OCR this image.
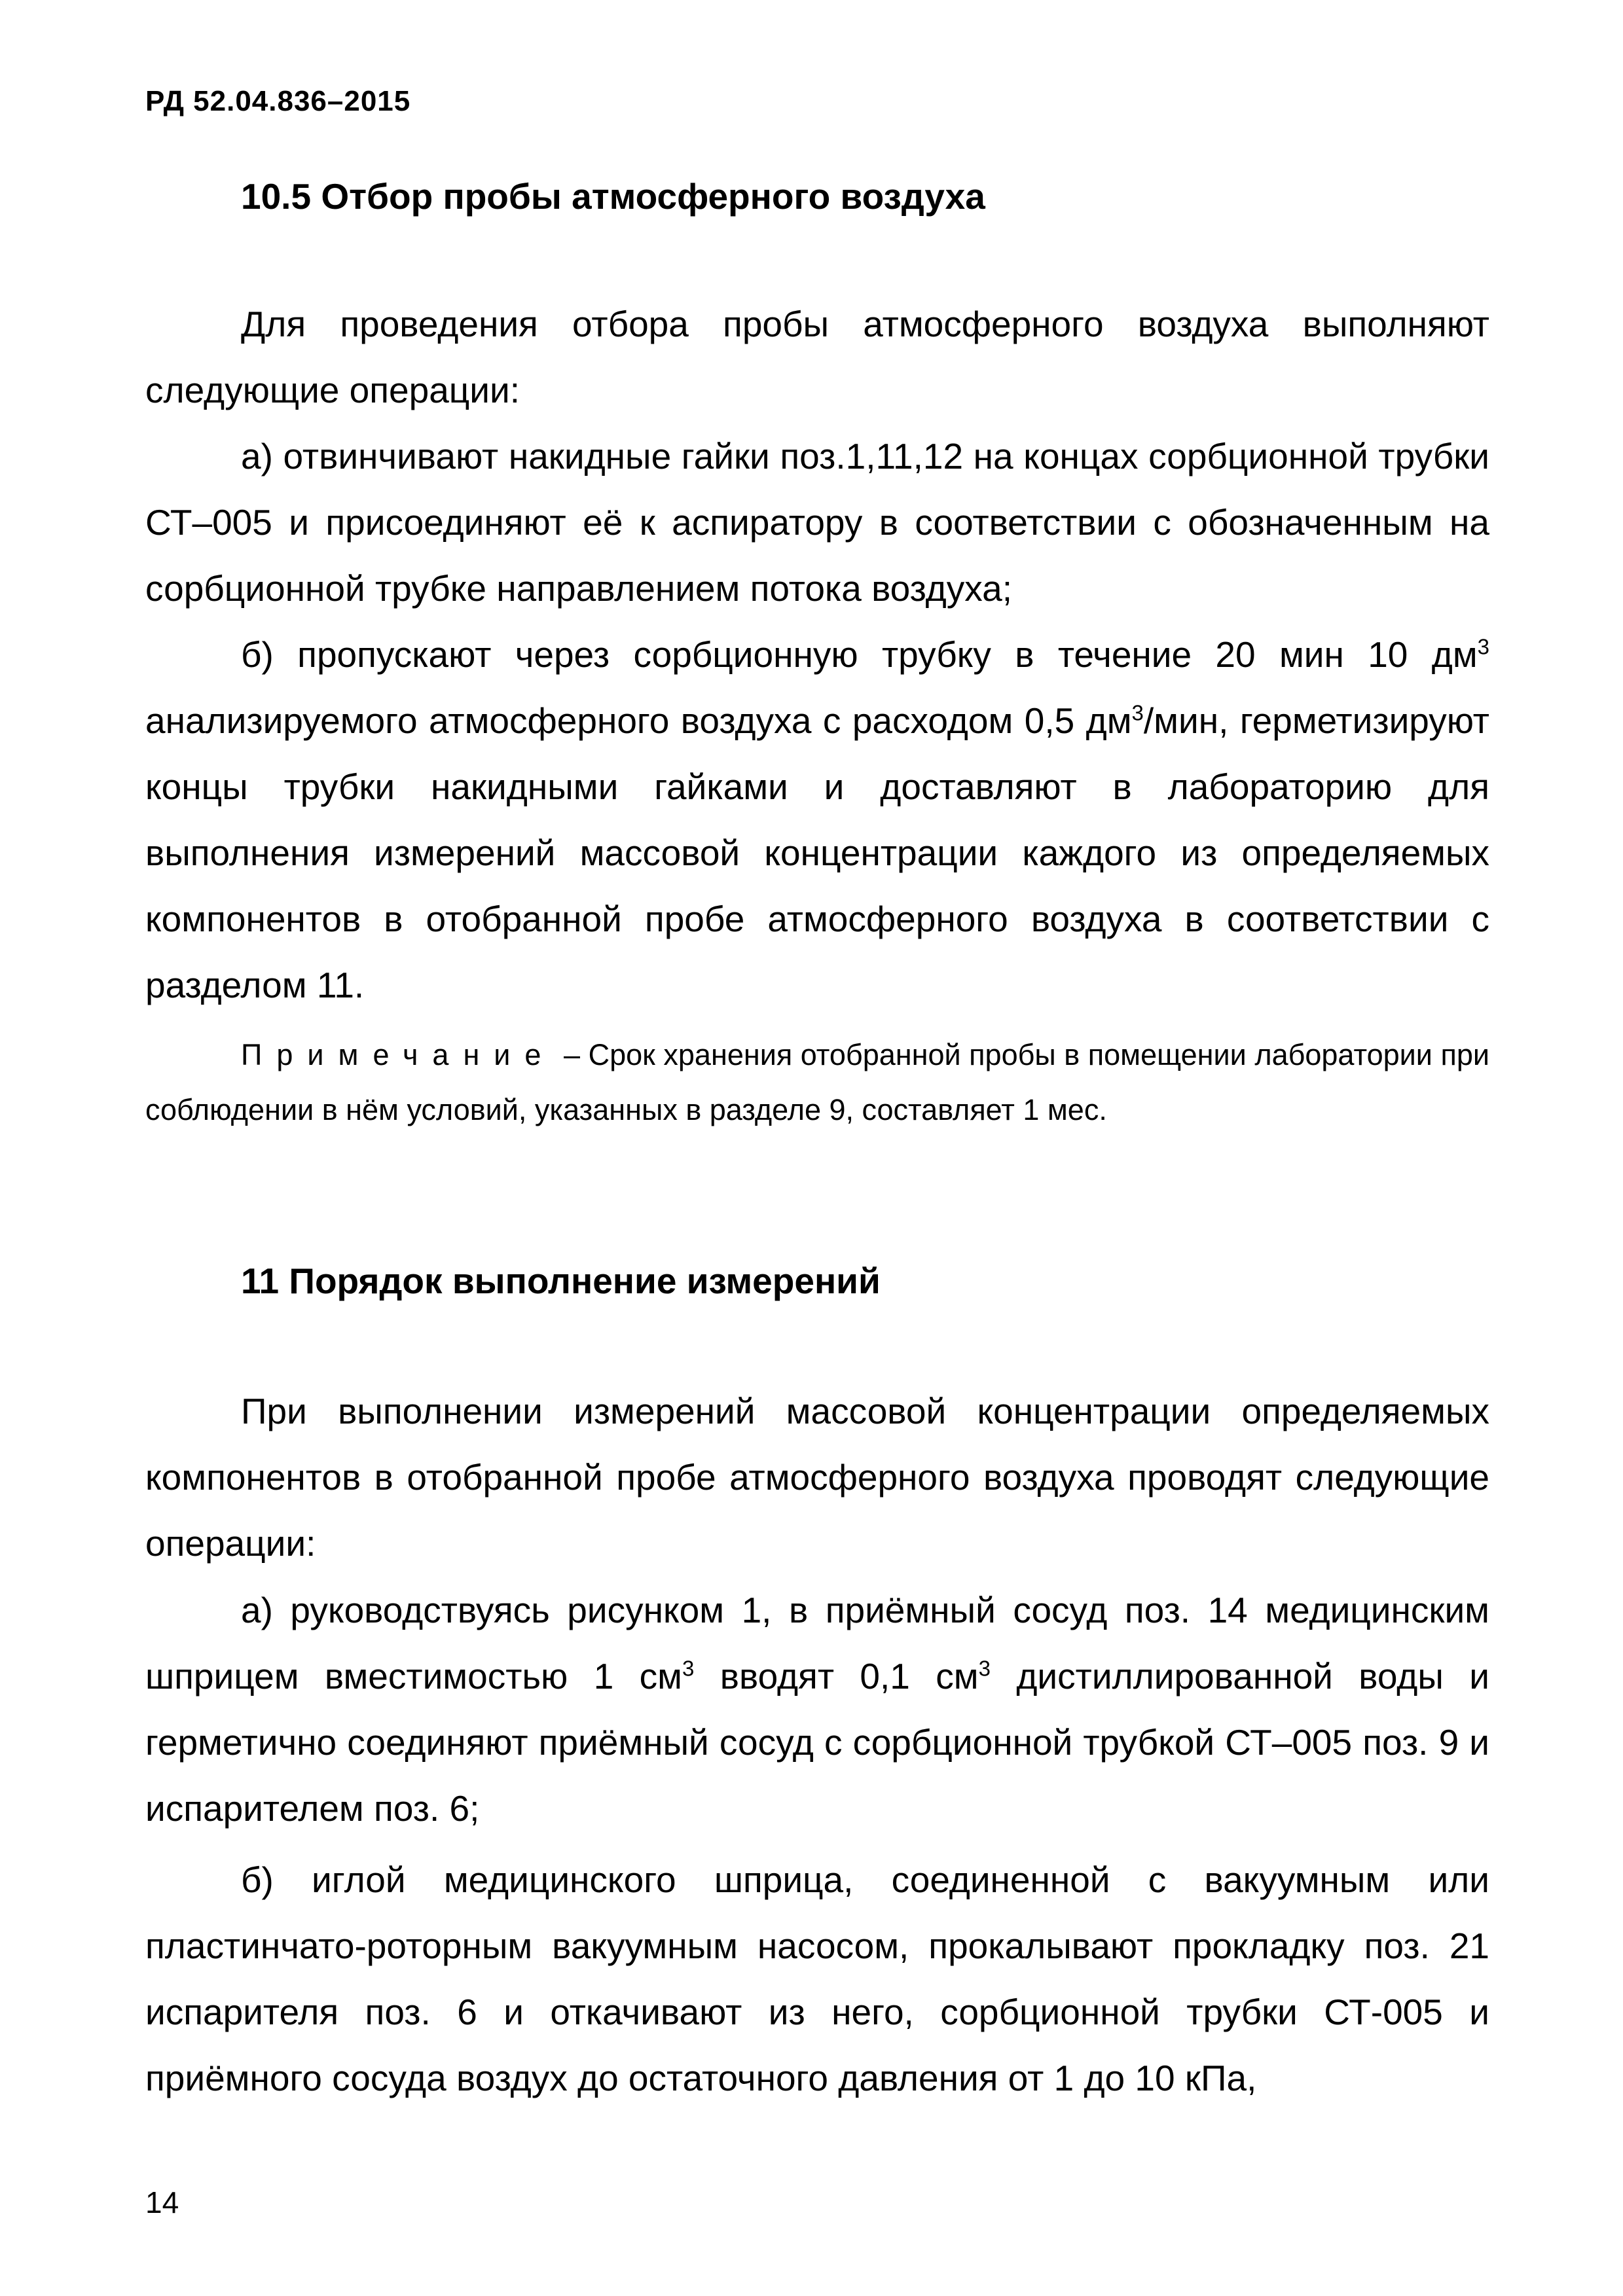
РД 52.04.836–2015
10.5 Отбор пробы атмосферного воздуха

Для проведения отбора пробы атмосферного воздуха выполняют следующие операции:

а) отвинчивают накидные гайки поз.1,11,12 на концах сорбционной трубки СТ–005 и присоединяют её к аспиратору в соответствии с обозначенным на сорбционной трубке направлением потока воздуха;

б) пропускают через сорбционную трубку в течение 20 мин 10 $дм^3$ анализируемого атмосферного воздуха с расходом 0,5 $дм^3$/мин, герметизируют концы трубки накидными гайками и доставляют в лабораторию для выполнения измерений массовой концентрации каждого из определяемых компонентов в отобранной пробе атмосферного воздуха в соответствии с разделом 11.

Примечание – Срок хранения отобранной пробы в помещении лаборатории при соблюдении в нём условий, указанных в разделе 9, составляет 1 мес.

11 Порядок выполнение измерений

При выполнении измерений массовой концентрации определяемых компонентов в отобранной пробе атмосферного воздуха проводят следующие операции:

а) руководствуясь рисунком 1, в приёмный сосуд поз. 14 медицинским шприцем вместимостью 1 $см^3$ вводят 0,1 $см^3$ дистиллированной воды и герметично соединяют приёмный сосуд с сорбционной трубкой СТ–005 поз. 9 и испарителем поз. 6;

б) иглой медицинского шприца, соединенной с вакуумным или пластинчато-роторным вакуумным насосом, прокалывают прокладку поз. 21 испарителя поз. 6 и откачивают из него, сорбционной трубки СТ-005 и приёмного сосуда воздух до остаточного давления от 1 до 10 кПа,

14
